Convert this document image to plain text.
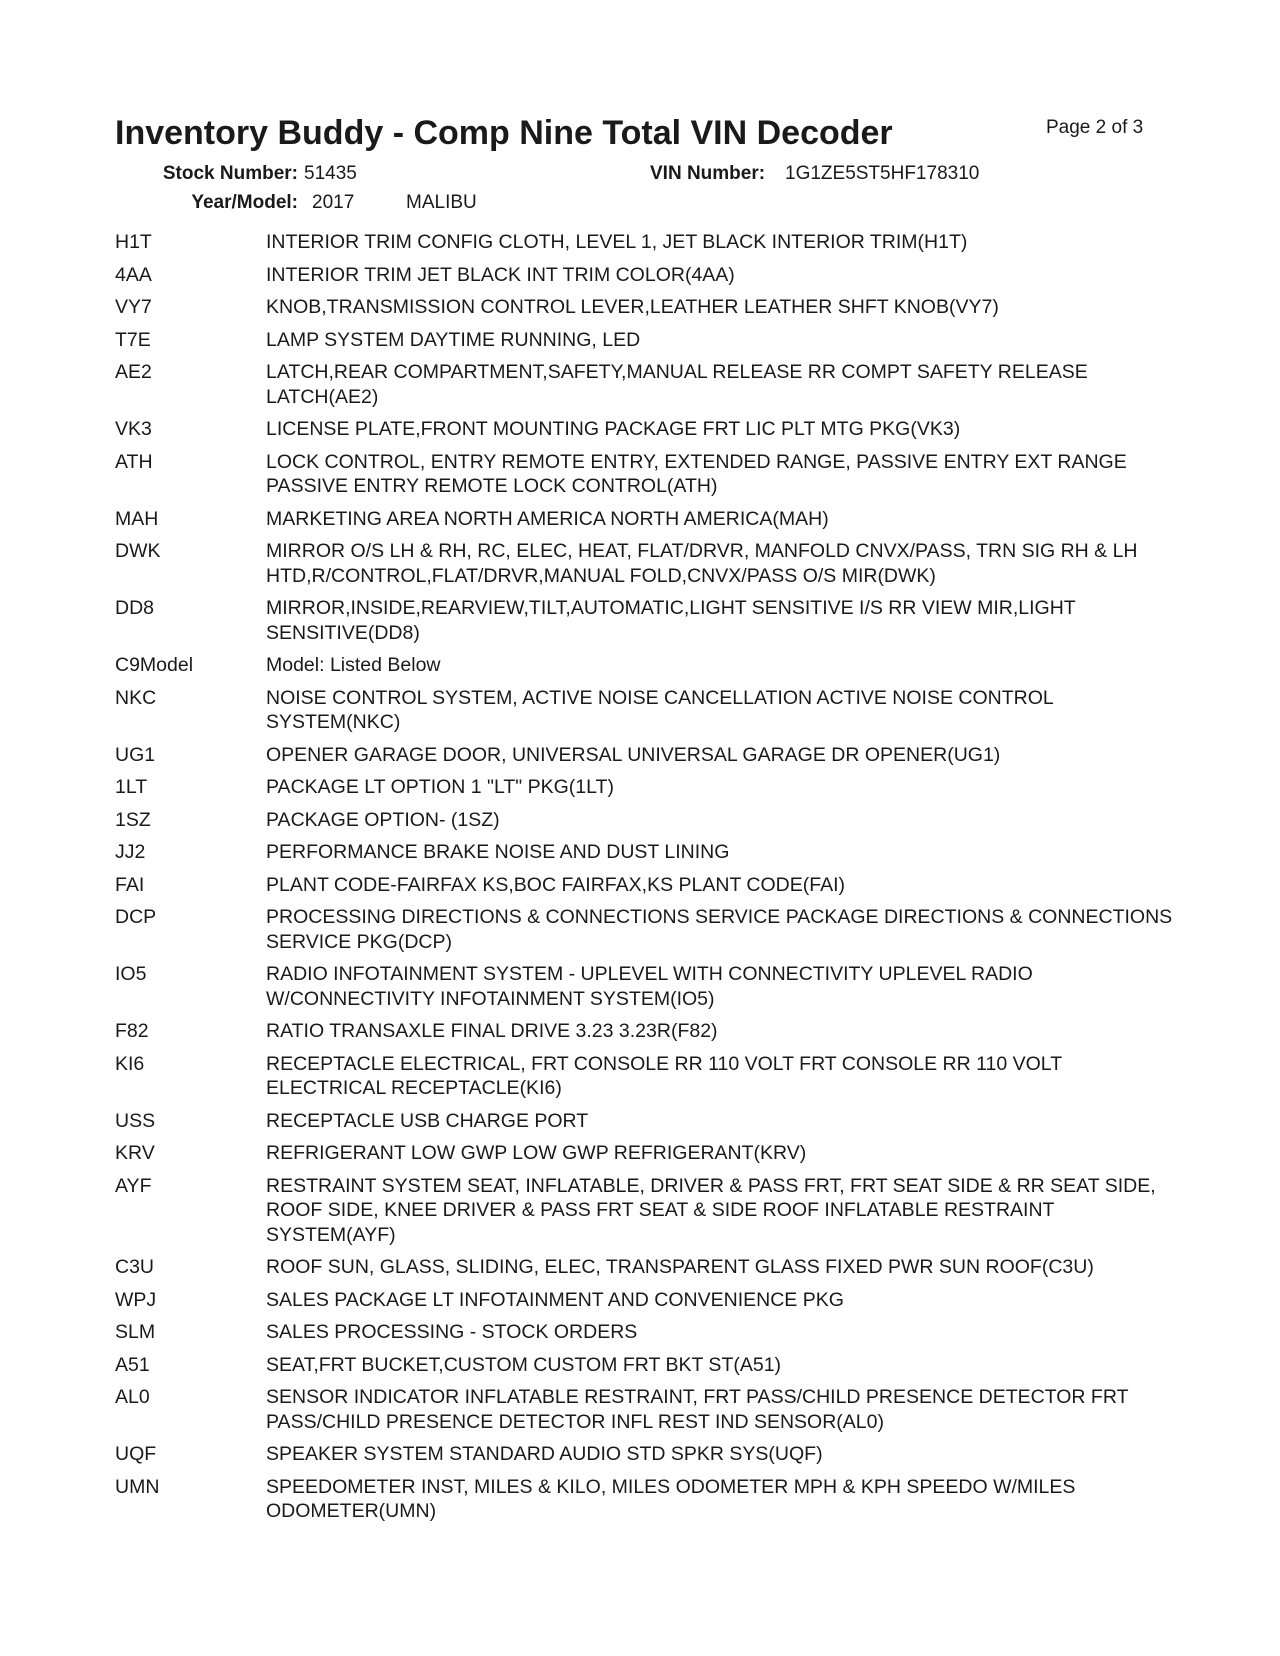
Inventory Buddy - Comp Nine Total VIN Decoder	Page 2 of 3
Stock Number: 51435	VIN Number: 1G1ZE5ST5HF178310
Year/Model: 2017	MALIBU
H1T	INTERIOR TRIM CONFIG CLOTH, LEVEL 1, JET BLACK INTERIOR TRIM(H1T)
4AA	INTERIOR TRIM JET BLACK INT TRIM COLOR(4AA)
VY7	KNOB,TRANSMISSION CONTROL LEVER,LEATHER LEATHER SHFT KNOB(VY7)
T7E	LAMP SYSTEM DAYTIME RUNNING, LED
AE2	LATCH,REAR COMPARTMENT,SAFETY,MANUAL RELEASE RR COMPT SAFETY RELEASE LATCH(AE2)
VK3	LICENSE PLATE,FRONT MOUNTING PACKAGE FRT LIC PLT MTG PKG(VK3)
ATH	LOCK CONTROL, ENTRY REMOTE ENTRY, EXTENDED RANGE, PASSIVE ENTRY EXT RANGE PASSIVE ENTRY REMOTE LOCK CONTROL(ATH)
MAH	MARKETING AREA NORTH AMERICA NORTH AMERICA(MAH)
DWK	MIRROR O/S LH & RH, RC, ELEC, HEAT, FLAT/DRVR, MANFOLD CNVX/PASS, TRN SIG RH & LH HTD,R/CONTROL,FLAT/DRVR,MANUAL FOLD,CNVX/PASS O/S MIR(DWK)
DD8	MIRROR,INSIDE,REARVIEW,TILT,AUTOMATIC,LIGHT SENSITIVE I/S RR VIEW MIR,LIGHT SENSITIVE(DD8)
C9Model	Model: Listed Below
NKC	NOISE CONTROL SYSTEM, ACTIVE NOISE CANCELLATION ACTIVE NOISE CONTROL SYSTEM(NKC)
UG1	OPENER GARAGE DOOR, UNIVERSAL UNIVERSAL GARAGE DR OPENER(UG1)
1LT	PACKAGE LT OPTION 1 "LT" PKG(1LT)
1SZ	PACKAGE OPTION- (1SZ)
JJ2	PERFORMANCE BRAKE NOISE AND DUST LINING
FAI	PLANT CODE-FAIRFAX KS,BOC FAIRFAX,KS PLANT CODE(FAI)
DCP	PROCESSING DIRECTIONS & CONNECTIONS SERVICE PACKAGE DIRECTIONS & CONNECTIONS SERVICE PKG(DCP)
IO5	RADIO INFOTAINMENT SYSTEM - UPLEVEL WITH CONNECTIVITY UPLEVEL RADIO W/CONNECTIVITY INFOTAINMENT SYSTEM(IO5)
F82	RATIO TRANSAXLE FINAL DRIVE 3.23 3.23R(F82)
KI6	RECEPTACLE ELECTRICAL, FRT CONSOLE RR 110 VOLT FRT CONSOLE RR 110 VOLT ELECTRICAL RECEPTACLE(KI6)
USS	RECEPTACLE USB CHARGE PORT
KRV	REFRIGERANT LOW GWP LOW GWP REFRIGERANT(KRV)
AYF	RESTRAINT SYSTEM SEAT, INFLATABLE, DRIVER & PASS FRT, FRT SEAT SIDE & RR SEAT SIDE, ROOF SIDE, KNEE DRIVER & PASS FRT SEAT & SIDE ROOF INFLATABLE RESTRAINT SYSTEM(AYF)
C3U	ROOF SUN, GLASS, SLIDING, ELEC, TRANSPARENT GLASS FIXED PWR SUN ROOF(C3U)
WPJ	SALES PACKAGE LT INFOTAINMENT AND CONVENIENCE PKG
SLM	SALES PROCESSING - STOCK ORDERS
A51	SEAT,FRT BUCKET,CUSTOM CUSTOM FRT BKT ST(A51)
AL0	SENSOR INDICATOR INFLATABLE RESTRAINT, FRT PASS/CHILD PRESENCE DETECTOR FRT PASS/CHILD PRESENCE DETECTOR INFL REST IND SENSOR(AL0)
UQF	SPEAKER SYSTEM STANDARD AUDIO STD SPKR SYS(UQF)
UMN	SPEEDOMETER INST, MILES & KILO, MILES ODOMETER MPH & KPH SPEEDO W/MILES ODOMETER(UMN)
